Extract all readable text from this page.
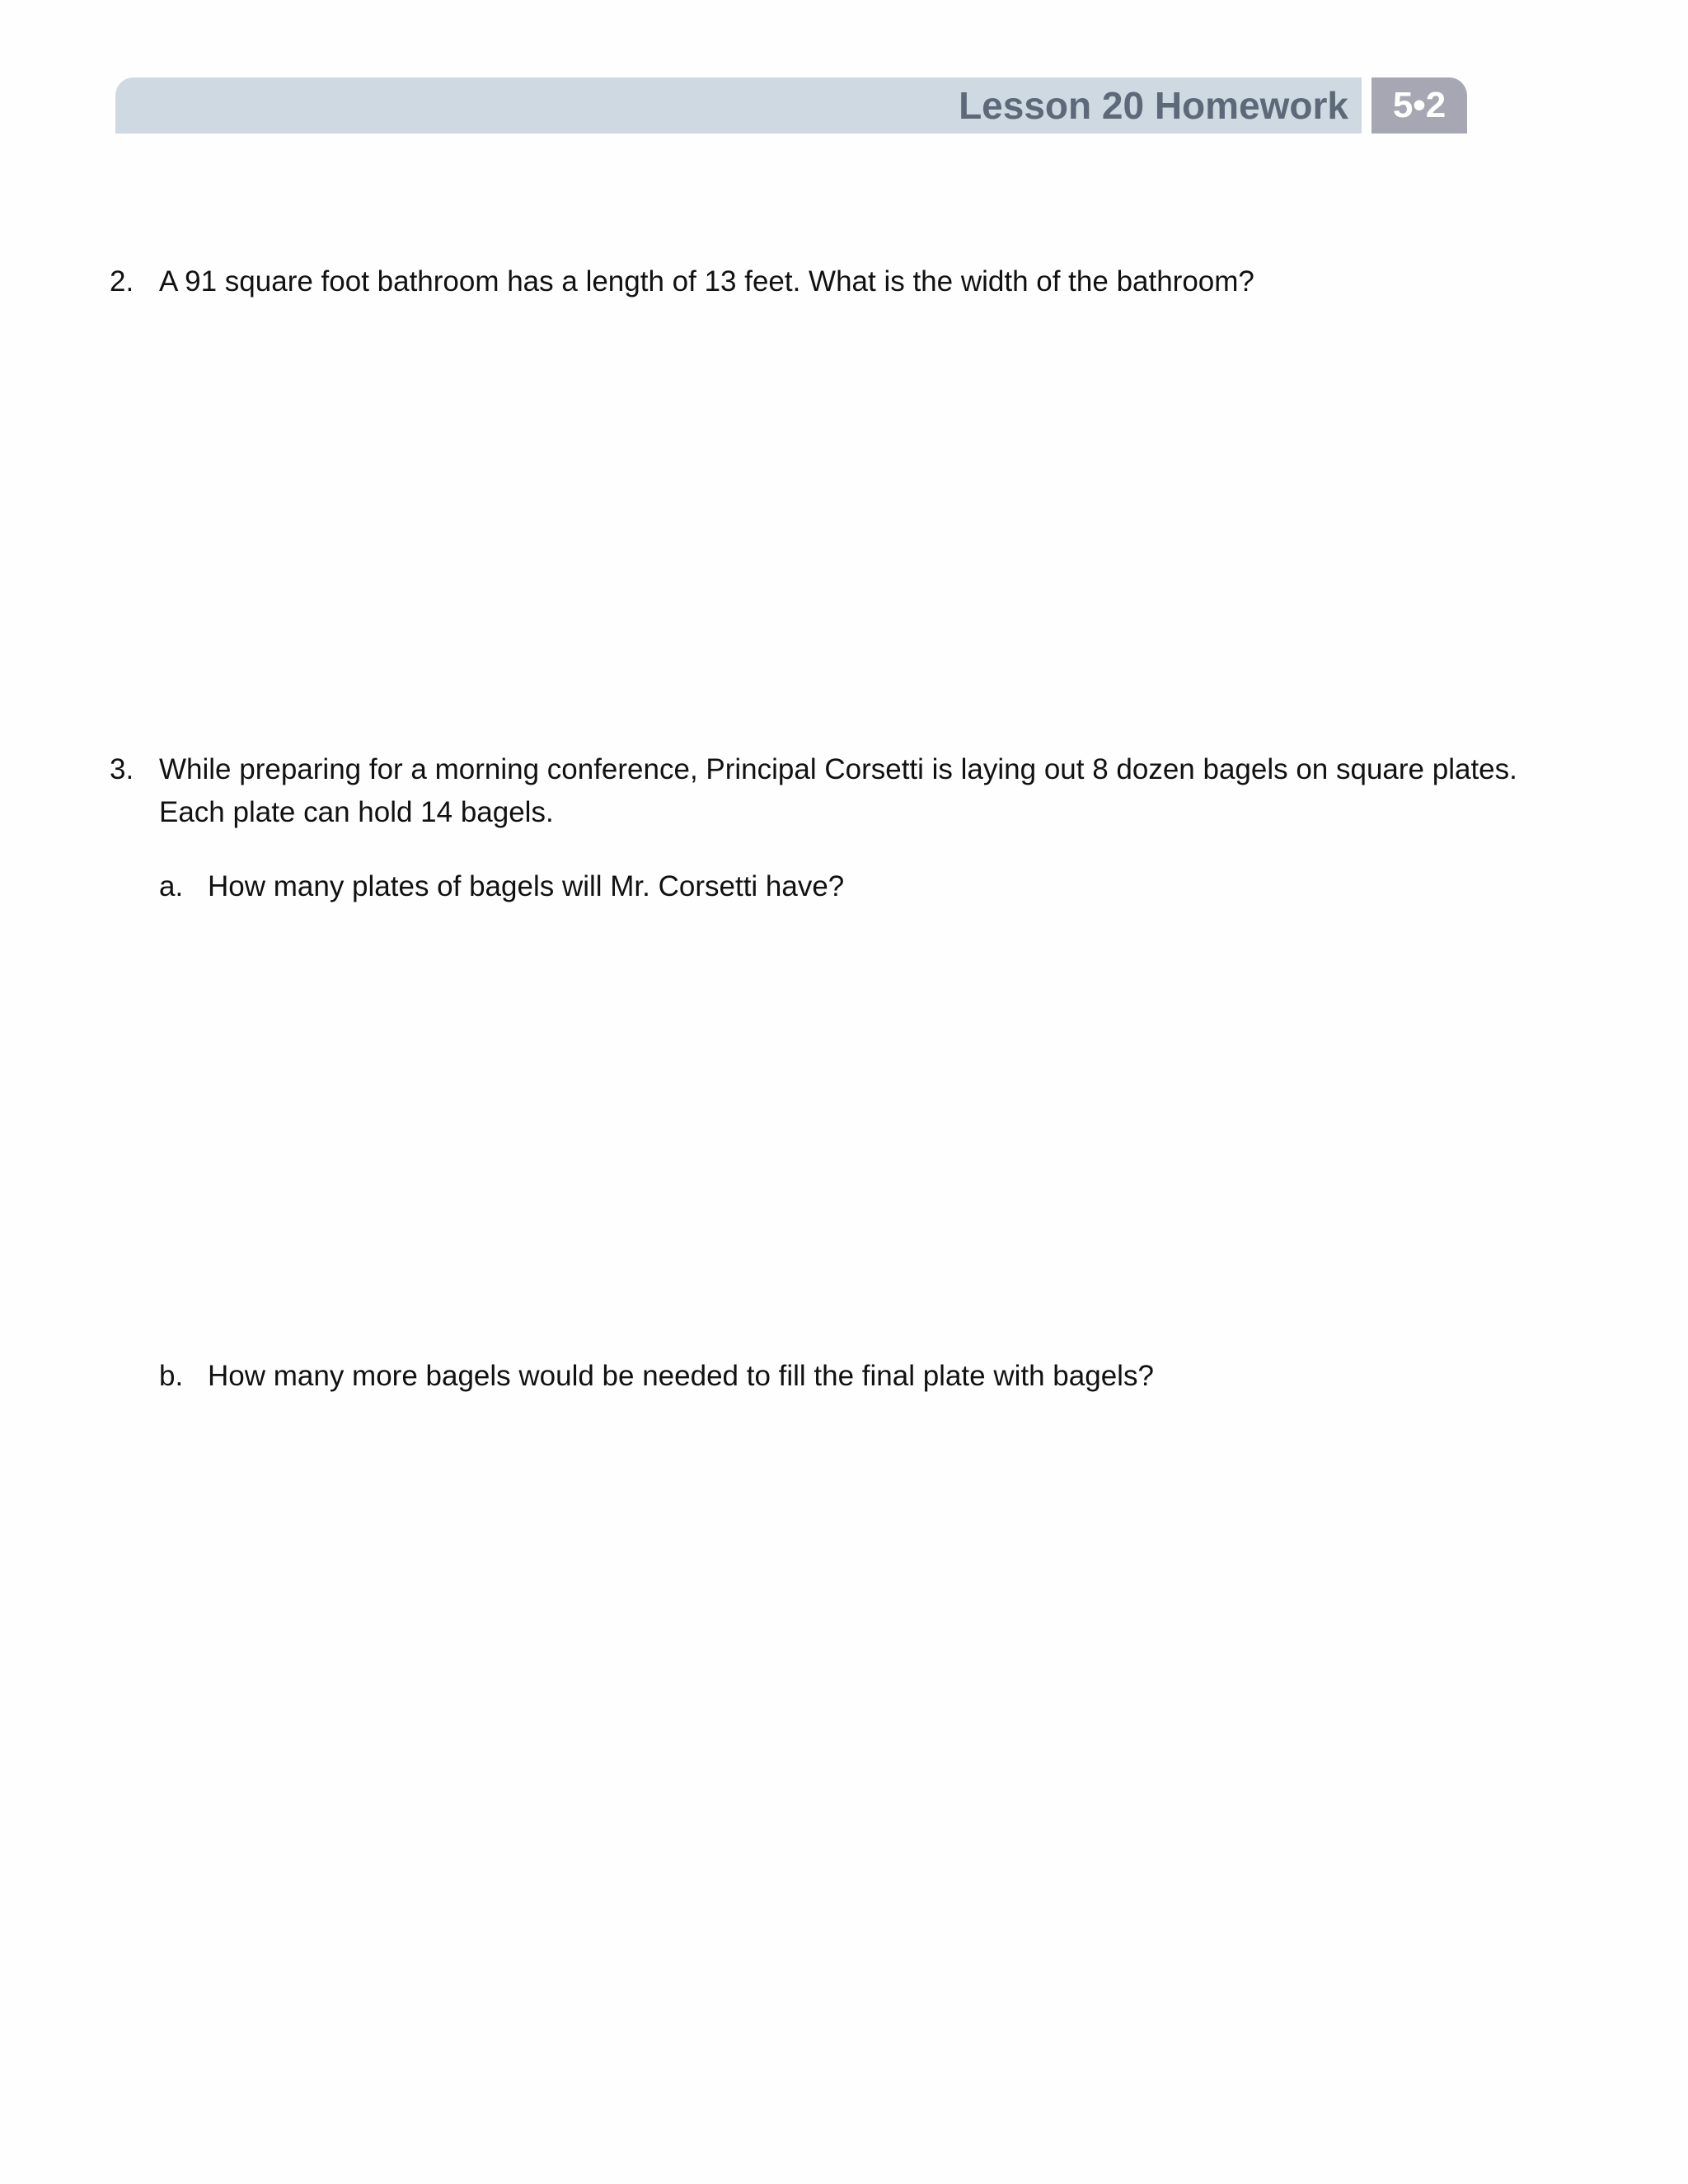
Lesson 20 Homework	5•2
2. A 91 square foot bathroom has a length of 13 feet. What is the width of the bathroom?
3. While preparing for a morning conference, Principal Corsetti is laying out 8 dozen bagels on square plates.
Each plate can hold 14 bagels.
a. How many plates of bagels will Mr. Corsetti have?
b. How many more bagels would be needed to fill the final plate with bagels?
